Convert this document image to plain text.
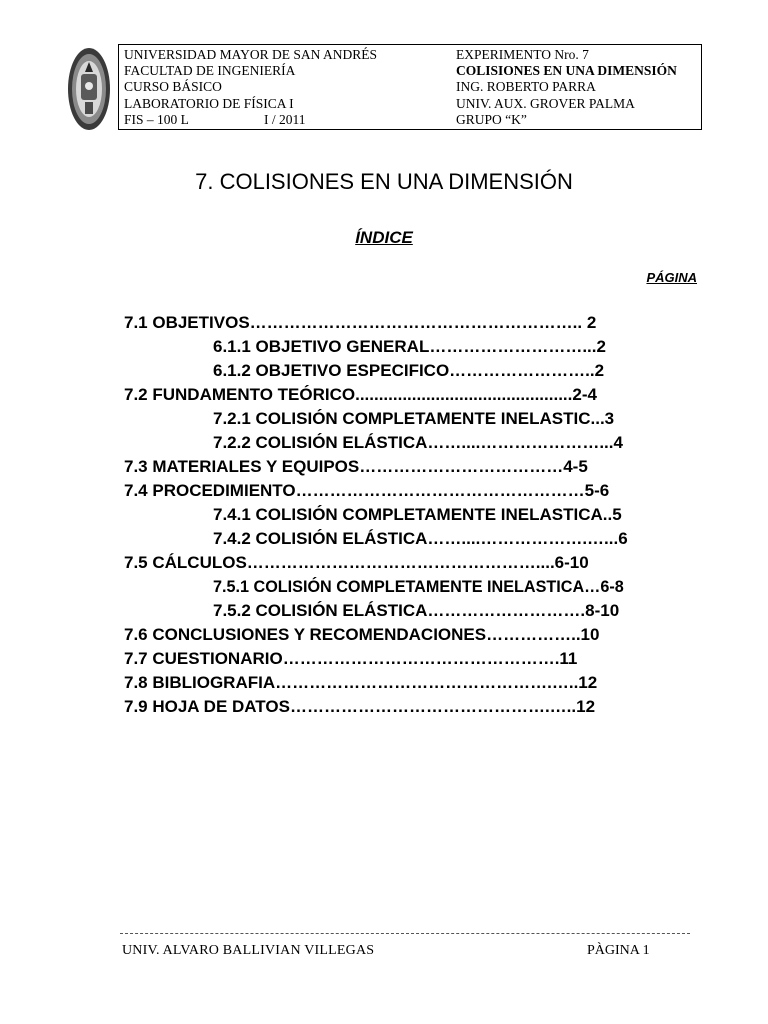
UNIVERSIDAD MAYOR DE SAN ANDRÉS
FACULTAD DE INGENIERÍA
CURSO BÁSICO
LABORATORIO DE FÍSICA I
FIS – 100 L	I / 2011
EXPERIMENTO Nro. 7
COLISIONES EN UNA DIMENSIÓN
ING. ROBERTO PARRA
UNIV. AUX. GROVER PALMA
GRUPO “K”
7. COLISIONES EN UNA DIMENSIÓN
ÍNDICE
PÁGINA
7.1 OBJETIVOS………………………………………………….. 2
6.1.1 OBJETIVO GENERAL………………………...2
6.1.2 OBJETIVO ESPECIFICO……………………..2
7.2 FUNDAMENTO TEÓRICO..............................................2-4
7.2.1 COLISIÓN COMPLETAMENTE INELASTIC...3
7.2.2 COLISIÓN ELÁSTICA……....…………………...4
7.3 MATERIALES Y EQUIPOS………………………………4-5
7.4 PROCEDIMIENTO……………………………………………5-6
7.4.1 COLISIÓN COMPLETAMENTE INELASTICA..5
7.4.2 COLISIÓN ELÁSTICA……....……………….…...6
7.5 CÁLCULOS……………………………………………....6-10
7.5.1 COLISIÓN COMPLETAMENTE INELASTICA…6-8
7.5.2 COLISIÓN ELÁSTICA……………………….8-10
7.6 CONCLUSIONES Y RECOMENDACIONES……………..10
7.7 CUESTIONARIO………………………………………….11
7.8 BIBLIOGRAFIA………………………………………….…..12
7.9 HOJA DE DATOS……………………………………….…..12
UNIV. ALVARO BALLIVIAN VILLEGAS	PÀGINA 1
